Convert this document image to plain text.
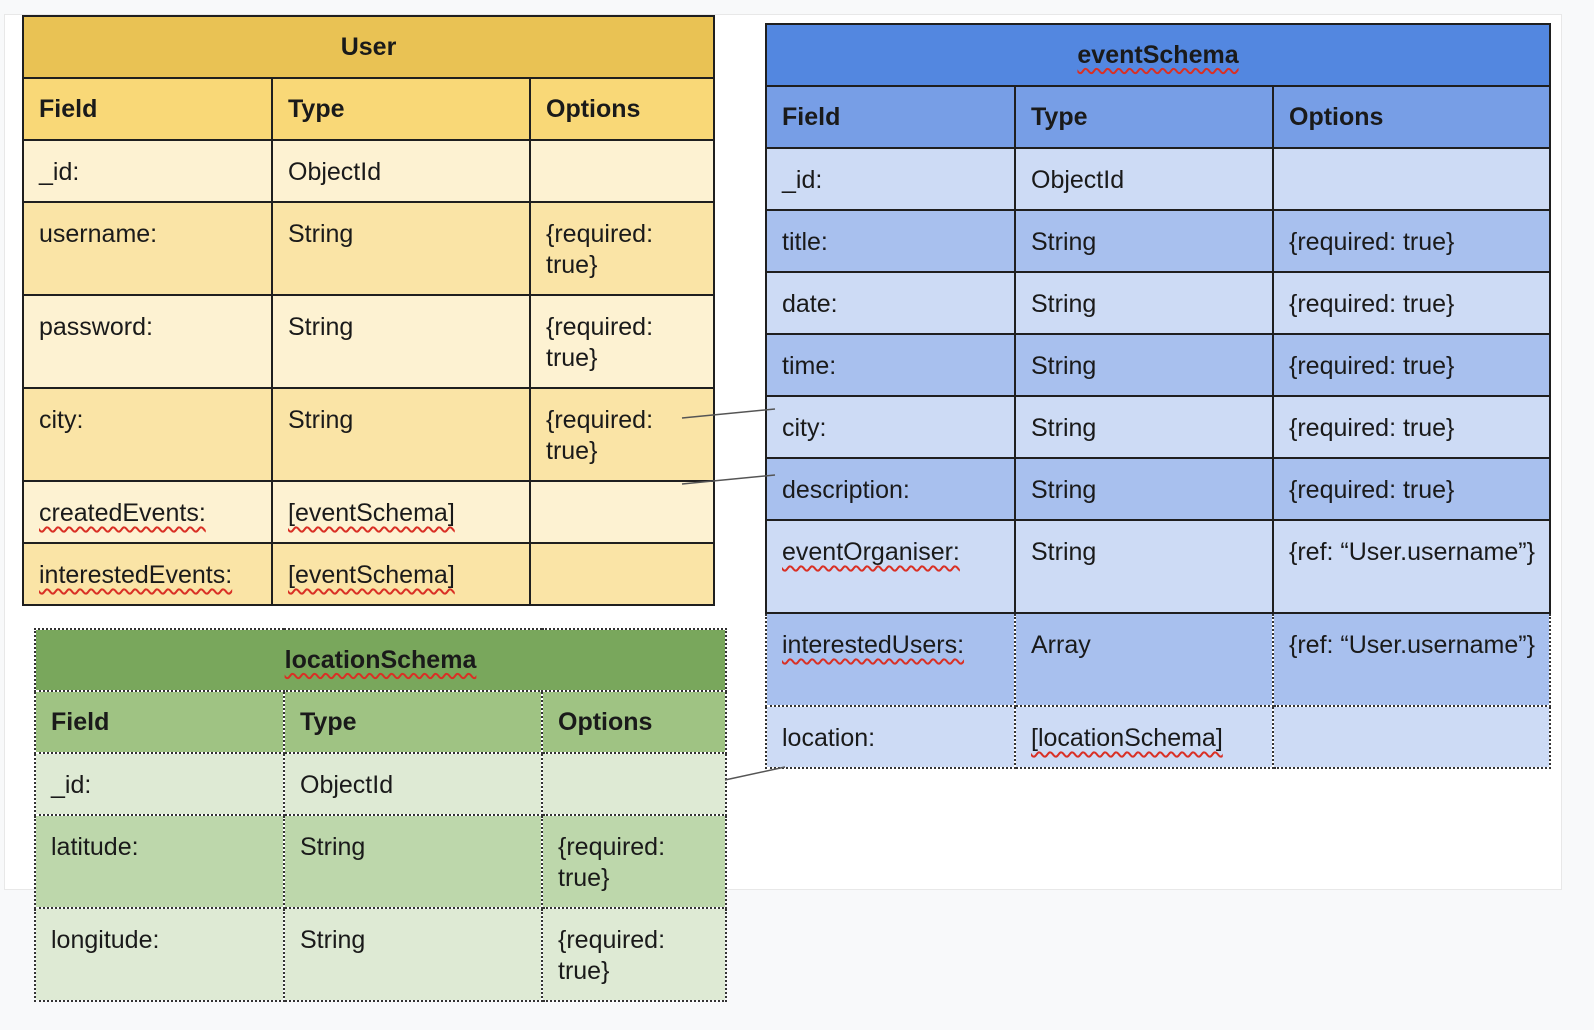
User		
Field	Type	Options
_id:	ObjectId	
username:	String	{required: true}
password:	String	{required: true}
city:	String	{required: true}
createdEvents:	[eventSchema]	
interestedEvents:	[eventSchema]	
eventSchema		
Field	Type	Options
_id:	ObjectId	
title:	String	{required: true}
date:	String	{required: true}
time:	String	{required: true}
city:	String	{required: true}
description:	String	{required: true}
eventOrganiser:	String	{ref: “User.username”}
interestedUsers:	Array	{ref: “User.username”}
location:	[locationSchema]	
locationSchema		
Field	Type	Options
_id:	ObjectId	
latitude:	String	{required: true}
longitude:	String	{required: true}
